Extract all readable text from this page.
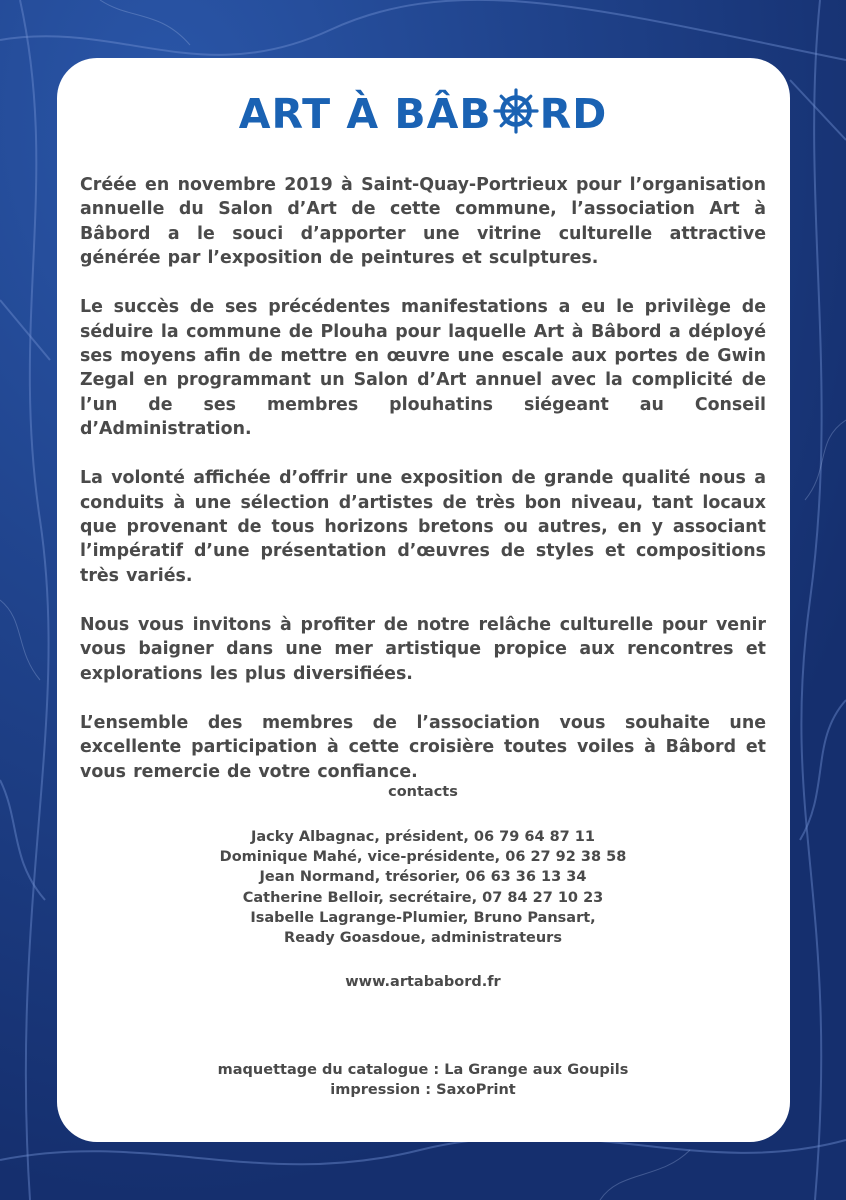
ART À BÂB RD

Créée en novembre 2019 à Saint-Quay-Portrieux pour l’organisation annuelle du Salon d’Art de cette commune, l’association Art à Bâbord a le souci d’apporter une vitrine culturelle attractive générée par l’exposition de peintures et sculptures.

Le succès de ses précédentes manifestations a eu le privilège de séduire la commune de Plouha pour laquelle Art à Bâbord a déployé ses moyens afin de mettre en œuvre une escale aux portes de Gwin Zegal en programmant un Salon d’Art annuel avec la complicité de l’un de ses membres plouhatins siégeant au Conseil d’Administration.

La volonté affichée d’offrir une exposition de grande qualité nous a conduits à une sélection d’artistes de très bon niveau, tant locaux que provenant de tous horizons bretons ou autres, en y associant l’impératif d’une présentation d’œuvres de styles et compositions très variés.

Nous vous invitons à profiter de notre relâche culturelle pour venir vous baigner dans une mer artistique propice aux rencontres et explorations les plus diversifiées.

L’ensemble des membres de l’association vous souhaite une excellente participation à cette croisière toutes voiles à Bâbord et vous remercie de votre confiance.

contacts
Jacky Albagnac, président, 06 79 64 87 11
Dominique Mahé, vice-présidente, 06 27 92 38 58
Jean Normand, trésorier, 06 63 36 13 34
Catherine Belloir, secrétaire, 07 84 27 10 23
Isabelle Lagrange-Plumier, Bruno Pansart,
Ready Goasdoue, administrateurs
www.artababord.fr
maquettage du catalogue : La Grange aux Goupils
impression : SaxoPrint
